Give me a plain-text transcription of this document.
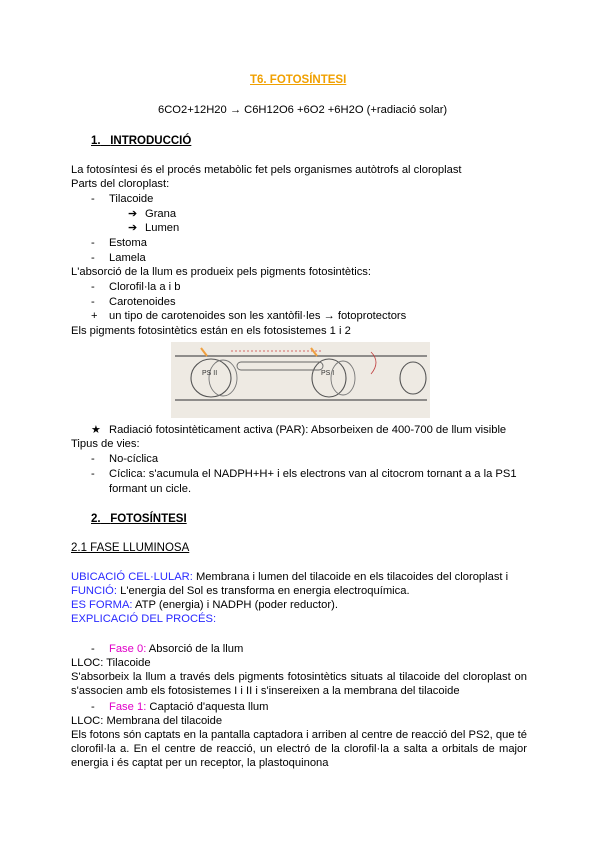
T6. FOTOSÍNTESI
6CO2+12H20 → C6H12O6 +6O2 +6H2O (+radiació solar)
1. INTRODUCCIÓ
La fotosíntesi és el procés metabòlic fet pels organismes autòtrofs al cloroplast
Parts del cloroplast:
- Tilacoide
➔ Grana
➔ Lumen
- Estoma
- Lamela
L'absorció de la llum es produeix pels pigments fotosintètics:
- Clorofil·la a i b
- Carotenoides
+ un tipo de carotenoides son les xantòfil·les → fotoprotectors
Els pigments fotosintètics están en els fotosistemes 1 i 2
PS II	PS I
★ Radiació fotosintèticament activa (PAR): Absorbeixen de 400-700 de llum visible
Tipus de vies:
- No-cíclica
- Cíclica: s'acumula el NADPH+H+ i els electrons van al citocrom tornant a a la PS1
formant un cicle.
2. FOTOSÍNTESI
2.1 FASE LLUMINOSA
UBICACIÓ CEL·LULAR: Membrana i lumen del tilacoide en els tilacoides del cloroplast i
FUNCIÓ: L'energia del Sol es transforma en energia electroquímica.
ES FORMA: ATP (energia) i NADPH (poder reductor).
EXPLICACIÓ DEL PROCÉS:
- Fase 0: Absorció de la llum
LLOC: Tilacoide
S'absorbeix la llum a través dels pigments fotosintètics situats al tilacoide del cloroplast on s'associen amb els fotosistemes I i II i s'insereixen a la membrana del tilacoide
- Fase 1: Captació d'aquesta llum
LLOC: Membrana del tilacoide
Els fotons són captats en la pantalla captadora i arriben al centre de reacció del PS2, que té clorofil·la a. En el centre de reacció, un electró de la clorofil·la a salta a orbitals de major energia i és captat per un receptor, la plastoquinona
